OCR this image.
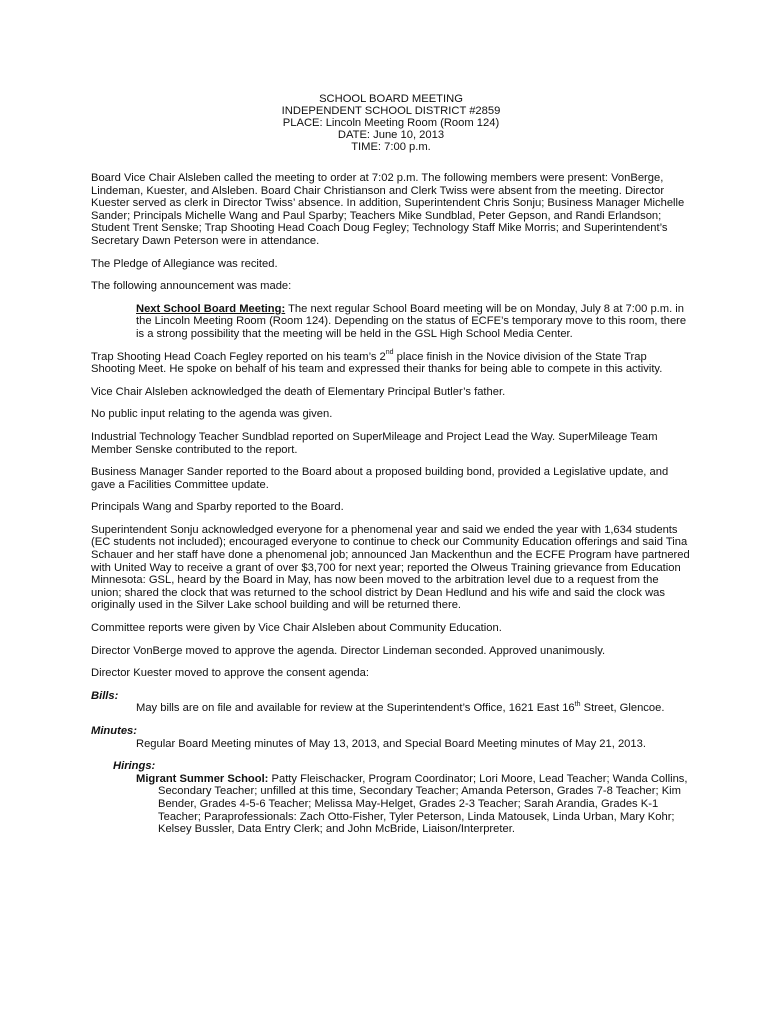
SCHOOL BOARD MEETING
INDEPENDENT SCHOOL DISTRICT #2859
PLACE: Lincoln Meeting Room (Room 124)
DATE: June 10, 2013
TIME: 7:00 p.m.

Board Vice Chair Alsleben called the meeting to order at 7:02 p.m. The following members were present: VonBerge, Lindeman, Kuester, and Alsleben. Board Chair Christianson and Clerk Twiss were absent from the meeting. Director Kuester served as clerk in Director Twiss’ absence. In addition, Superintendent Chris Sonju; Business Manager Michelle Sander; Principals Michelle Wang and Paul Sparby; Teachers Mike Sundblad, Peter Gepson, and Randi Erlandson; Student Trent Senske; Trap Shooting Head Coach Doug Fegley; Technology Staff Mike Morris; and Superintendent’s Secretary Dawn Peterson were in attendance.

The Pledge of Allegiance was recited.

The following announcement was made:

Next School Board Meeting: The next regular School Board meeting will be on Monday, July 8 at 7:00 p.m. in the Lincoln Meeting Room (Room 124). Depending on the status of ECFE’s temporary move to this room, there is a strong possibility that the meeting will be held in the GSL High School Media Center.

Trap Shooting Head Coach Fegley reported on his team’s 2nd place finish in the Novice division of the State Trap Shooting Meet. He spoke on behalf of his team and expressed their thanks for being able to compete in this activity.

Vice Chair Alsleben acknowledged the death of Elementary Principal Butler’s father.

No public input relating to the agenda was given.

Industrial Technology Teacher Sundblad reported on SuperMileage and Project Lead the Way. SuperMileage Team Member Senske contributed to the report.

Business Manager Sander reported to the Board about a proposed building bond, provided a Legislative update, and gave a Facilities Committee update.

Principals Wang and Sparby reported to the Board.

Superintendent Sonju acknowledged everyone for a phenomenal year and said we ended the year with 1,634 students (EC students not included); encouraged everyone to continue to check our Community Education offerings and said Tina Schauer and her staff have done a phenomenal job; announced Jan Mackenthun and the ECFE Program have partnered with United Way to receive a grant of over $3,700 for next year; reported the Olweus Training grievance from Education Minnesota: GSL, heard by the Board in May, has now been moved to the arbitration level due to a request from the union; shared the clock that was returned to the school district by Dean Hedlund and his wife and said the clock was originally used in the Silver Lake school building and will be returned there.

Committee reports were given by Vice Chair Alsleben about Community Education.

Director VonBerge moved to approve the agenda. Director Lindeman seconded. Approved unanimously.

Director Kuester moved to approve the consent agenda:

Bills:

May bills are on file and available for review at the Superintendent’s Office, 1621 East 16th Street, Glencoe.

Minutes:

Regular Board Meeting minutes of May 13, 2013, and Special Board Meeting minutes of May 21, 2013.

Hirings:

Migrant Summer School: Patty Fleischacker, Program Coordinator; Lori Moore, Lead Teacher; Wanda Collins, Secondary Teacher; unfilled at this time, Secondary Teacher; Amanda Peterson, Grades 7-8 Teacher; Kim Bender, Grades 4-5-6 Teacher; Melissa May-Helget, Grades 2-3 Teacher; Sarah Arandia, Grades K-1 Teacher; Paraprofessionals: Zach Otto-Fisher, Tyler Peterson, Linda Matousek, Linda Urban, Mary Kohr; Kelsey Bussler, Data Entry Clerk; and John McBride, Liaison/Interpreter.
